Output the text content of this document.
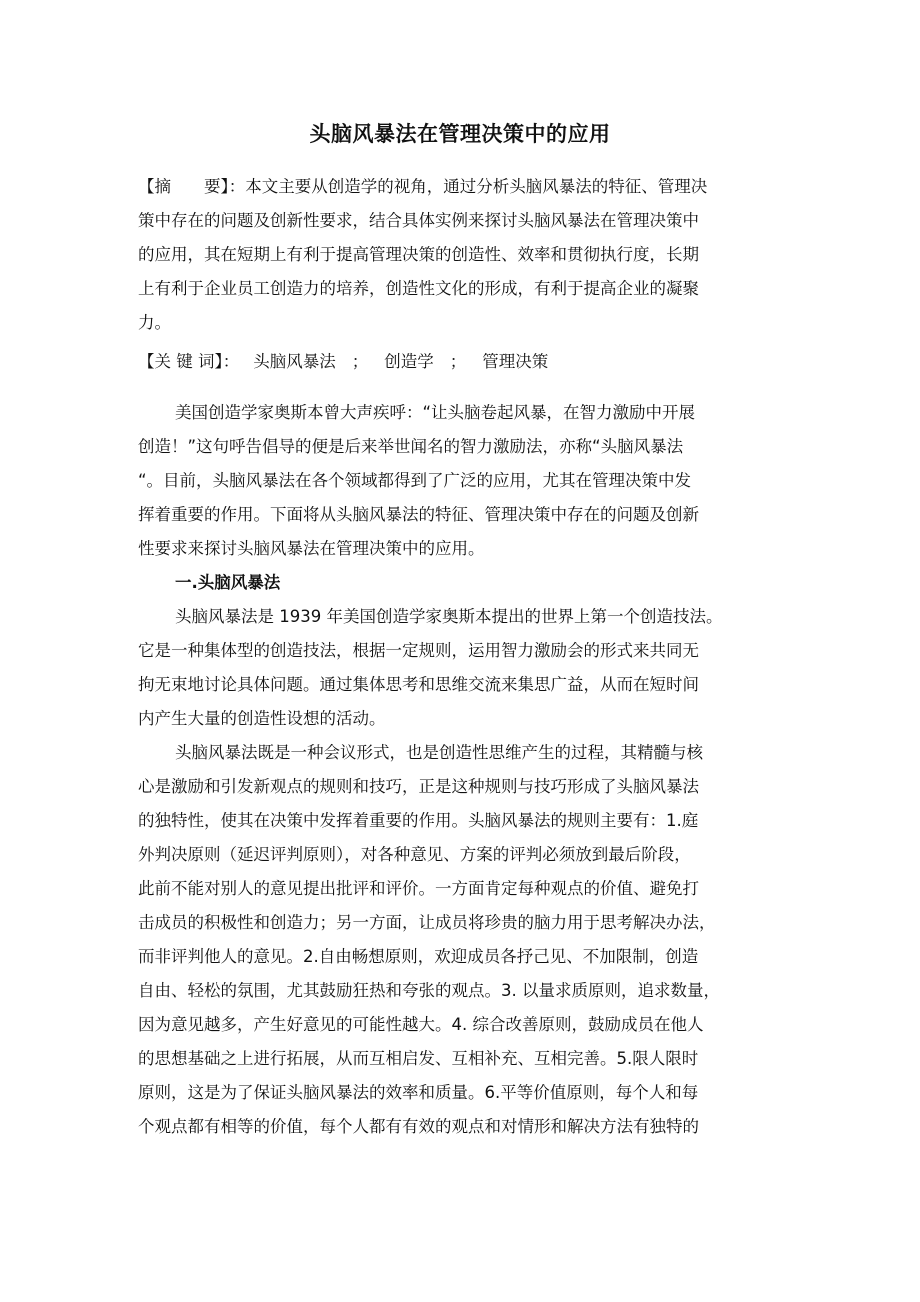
头脑风暴法在管理决策中的应用
【摘　　要】：本文主要从创造学的视角，通过分析头脑风暴法的特征、管理决
策中存在的问题及创新性要求，结合具体实例来探讨头脑风暴法在管理决策中
的应用，其在短期上有利于提高管理决策的创造性、效率和贯彻执行度，长期
上有利于企业员工创造力的培养，创造性文化的形成，有利于提高企业的凝聚
力。
【关 键 词】： 头脑风暴法 ； 创造学 ； 管理决策
美国创造学家奥斯本曾大声疾呼：“让头脑卷起风暴，在智力激励中开展
创造！”这句呼告倡导的便是后来举世闻名的智力激励法，亦称“头脑风暴法
“。目前，头脑风暴法在各个领域都得到了广泛的应用，尤其在管理决策中发
挥着重要的作用。下面将从头脑风暴法的特征、管理决策中存在的问题及创新
性要求来探讨头脑风暴法在管理决策中的应用。
一.头脑风暴法
头脑风暴法是 1939 年美国创造学家奥斯本提出的世界上第一个创造技法。
它是一种集体型的创造技法，根据一定规则，运用智力激励会的形式来共同无
拘无束地讨论具体问题。通过集体思考和思维交流来集思广益，从而在短时间
内产生大量的创造性设想的活动。
头脑风暴法既是一种会议形式，也是创造性思维产生的过程，其精髓与核
心是激励和引发新观点的规则和技巧，正是这种规则与技巧形成了头脑风暴法
的独特性，使其在决策中发挥着重要的作用。头脑风暴法的规则主要有：1.庭
外判决原则（延迟评判原则），对各种意见、方案的评判必须放到最后阶段，
此前不能对别人的意见提出批评和评价。一方面肯定每种观点的价值、避免打
击成员的积极性和创造力；另一方面，让成员将珍贵的脑力用于思考解决办法，
而非评判他人的意见。2.自由畅想原则，欢迎成员各抒己见、不加限制，创造
自由、轻松的氛围，尤其鼓励狂热和夸张的观点。3. 以量求质原则，追求数量，
因为意见越多，产生好意见的可能性越大。4. 综合改善原则，鼓励成员在他人
的思想基础之上进行拓展，从而互相启发、互相补充、互相完善。5.限人限时
原则，这是为了保证头脑风暴法的效率和质量。6.平等价值原则，每个人和每
个观点都有相等的价值，每个人都有有效的观点和对情形和解决方法有独特的
